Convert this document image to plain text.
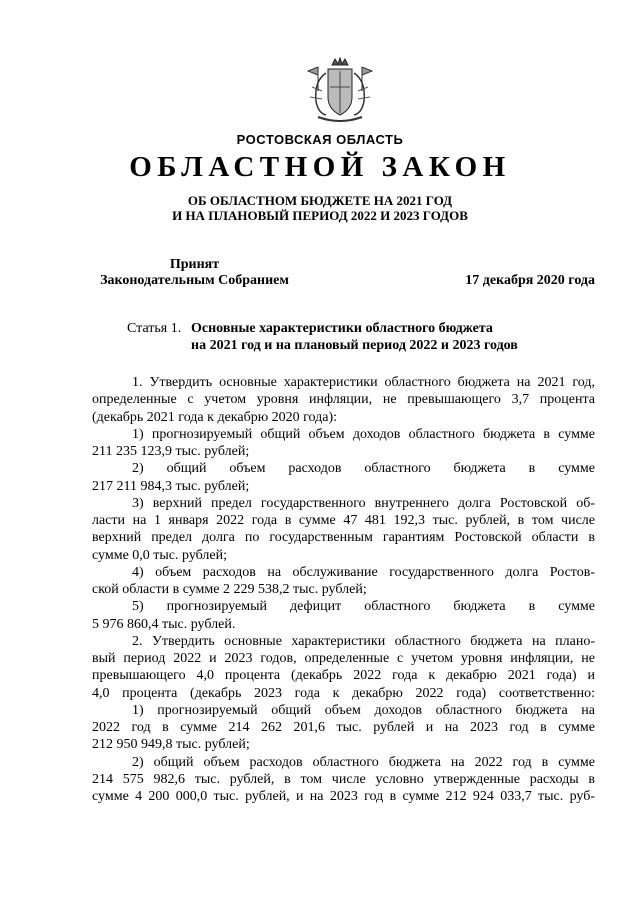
РОСТОВСКАЯ ОБЛАСТЬ
ОБЛАСТНОЙ ЗАКОН
ОБ ОБЛАСТНОМ БЮДЖЕТЕ НА 2021 ГОД
И НА ПЛАНОВЫЙ ПЕРИОД 2022 И 2023 ГОДОВ
Принят
Законодательным Собранием	17 декабря 2020 года
Статья 1. Основные характеристики областного бюджета
на 2021 год и на плановый период 2022 и 2023 годов

1. Утвердить основные характеристики областного бюджета на 2021 год,

определенные с учетом уровня инфляции, не превышающего 3,7 процента

(декабрь 2021 года к декабрю 2020 года):

1) прогнозируемый общий объем доходов областного бюджета в сумме

211 235 123,9 тыс. рублей;

2)    общий    объем    расходов    областного    бюджета    в    сумме

217 211 984,3 тыс. рублей;

3) верхний предел государственного внутреннего долга Ростовской об-

ласти на 1 января 2022 года в сумме 47 481 192,3 тыс. рублей, в том числе

верхний предел долга по государственным гарантиям Ростовской области в

сумме 0,0 тыс. рублей;

4) объем расходов на обслуживание государственного долга Ростов-

ской области в сумме 2 229 538,2 тыс. рублей;

5)    прогнозируемый    дефицит    областного    бюджета    в    сумме

5 976 860,4 тыс. рублей.

2. Утвердить основные характеристики областного бюджета на плано-

вый период 2022 и 2023 годов, определенные с учетом уровня инфляции, не

превышающего 4,0 процента (декабрь 2022 года к декабрю 2021 года) и

4,0 процента (декабрь 2023 года к декабрю 2022 года) соответственно:

1) прогнозируемый общий объем доходов областного бюджета на

2022 год в сумме 214 262 201,6 тыс. рублей и на 2023 год в сумме

212 950 949,8 тыс. рублей;

2) общий объем расходов областного бюджета на 2022 год в сумме

214 575 982,6 тыс. рублей, в том числе условно утвержденные расходы в

сумме 4 200 000,0 тыс. рублей, и на 2023 год в сумме 212 924 033,7 тыс. руб-
